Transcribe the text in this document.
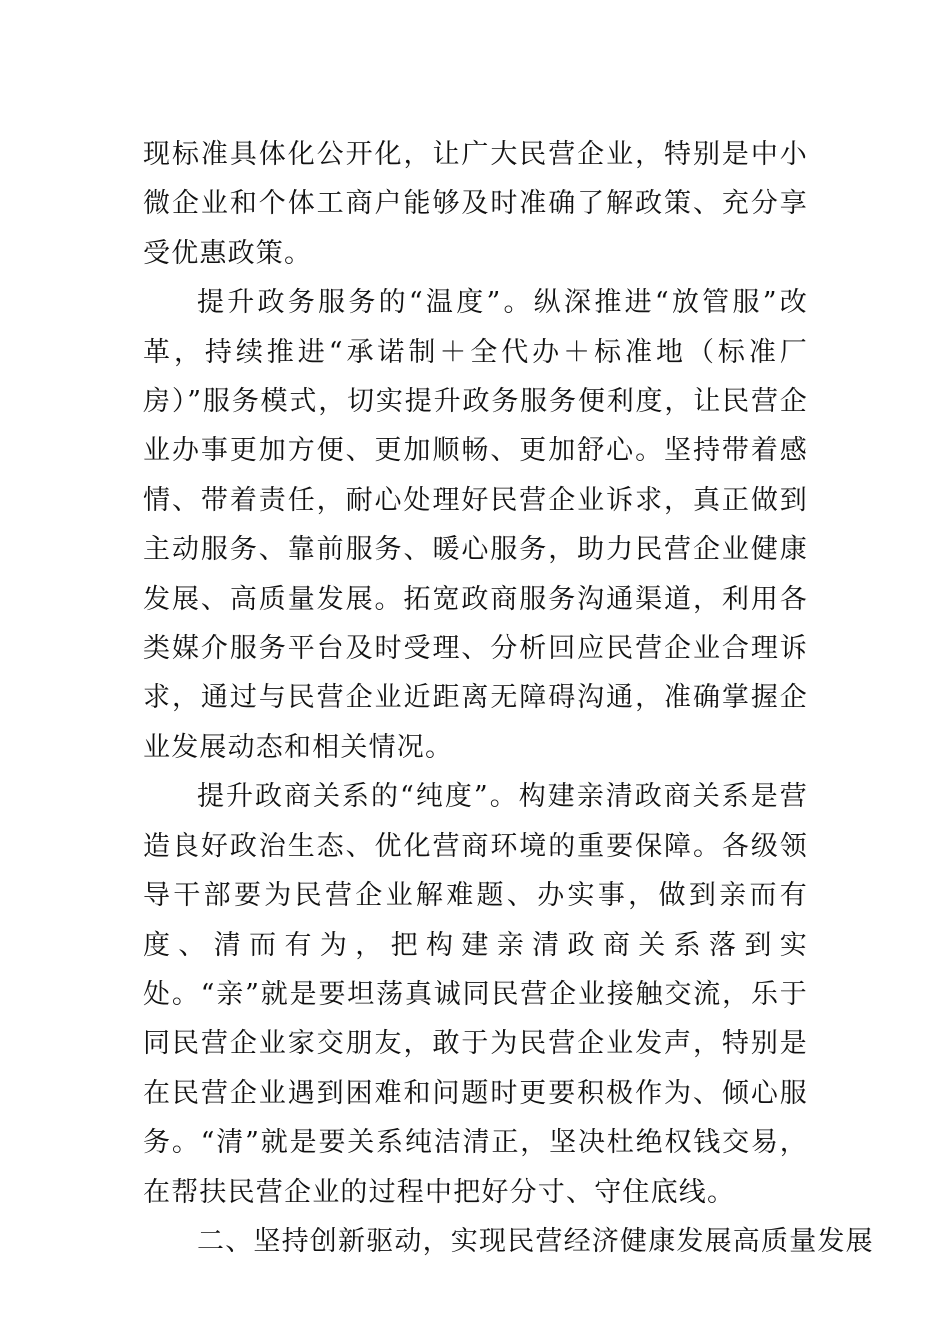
现标准具体化公开化，让广大民营企业，特别是中小微企业和个体工商户能够及时准确了解政策、充分享受优惠政策。

提升政务服务的“温度”。纵深推进“放管服”改革，持续推进“承诺制＋全代办＋标准地（标准厂房）”服务模式，切实提升政务服务便利度，让民营企业办事更加方便、更加顺畅、更加舒心。坚持带着感情、带着责任，耐心处理好民营企业诉求，真正做到主动服务、靠前服务、暖心服务，助力民营企业健康发展、高质量发展。拓宽政商服务沟通渠道，利用各类媒介服务平台及时受理、分析回应民营企业合理诉求，通过与民营企业近距离无障碍沟通，准确掌握企业发展动态和相关情况。

提升政商关系的“纯度”。构建亲清政商关系是营造良好政治生态、优化营商环境的重要保障。各级领导干部要为民营企业解难题、办实事，做到亲而有度、清而有为，把构建亲清政商关系落到实处。“亲”就是要坦荡真诚同民营企业接触交流，乐于同民营企业家交朋友，敢于为民营企业发声，特别是在民营企业遇到困难和问题时更要积极作为、倾心服务。“清”就是要关系纯洁清正，坚决杜绝权钱交易，在帮扶民营企业的过程中把好分寸、守住底线。

二、坚持创新驱动，实现民营经济健康发展高质量发展
